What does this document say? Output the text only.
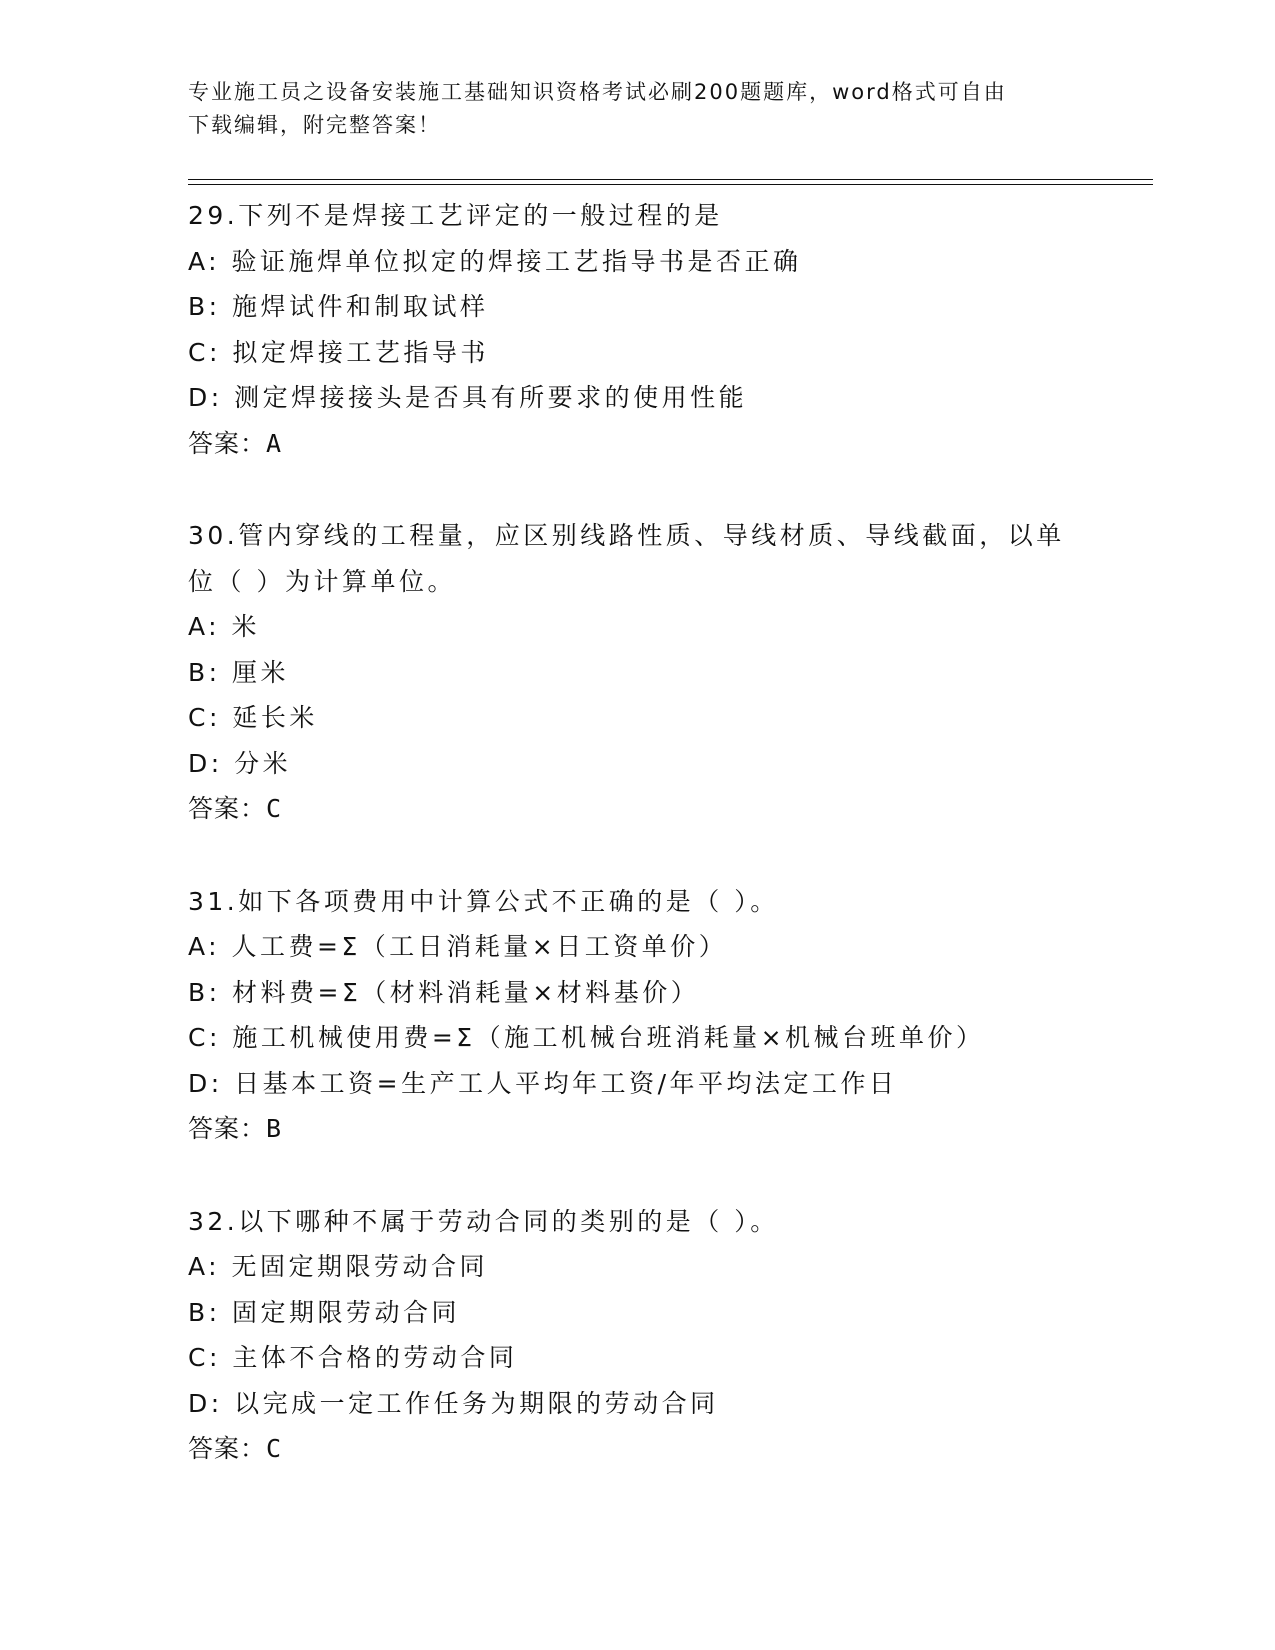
专业施工员之设备安装施工基础知识资格考试必刷200题题库，word格式可自由
下载编辑，附完整答案！
29.下列不是焊接工艺评定的一般过程的是
A: 验证施焊单位拟定的焊接工艺指导书是否正确
B: 施焊试件和制取试样
C: 拟定焊接工艺指导书
D: 测定焊接接头是否具有所要求的使用性能
答案：A
30.管内穿线的工程量，应区别线路性质、导线材质、导线截面，以单
位（ ）为计算单位。
A: 米
B: 厘米
C: 延长米
D: 分米
答案：C
31.如下各项费用中计算公式不正确的是（ ）。
A: 人工费=Σ（工日消耗量×日工资单价）
B: 材料费=Σ（材料消耗量×材料基价）
C: 施工机械使用费=Σ（施工机械台班消耗量×机械台班单价）
D: 日基本工资=生产工人平均年工资/年平均法定工作日
答案：B
32.以下哪种不属于劳动合同的类别的是（ ）。
A: 无固定期限劳动合同
B: 固定期限劳动合同
C: 主体不合格的劳动合同
D: 以完成一定工作任务为期限的劳动合同
答案：C
